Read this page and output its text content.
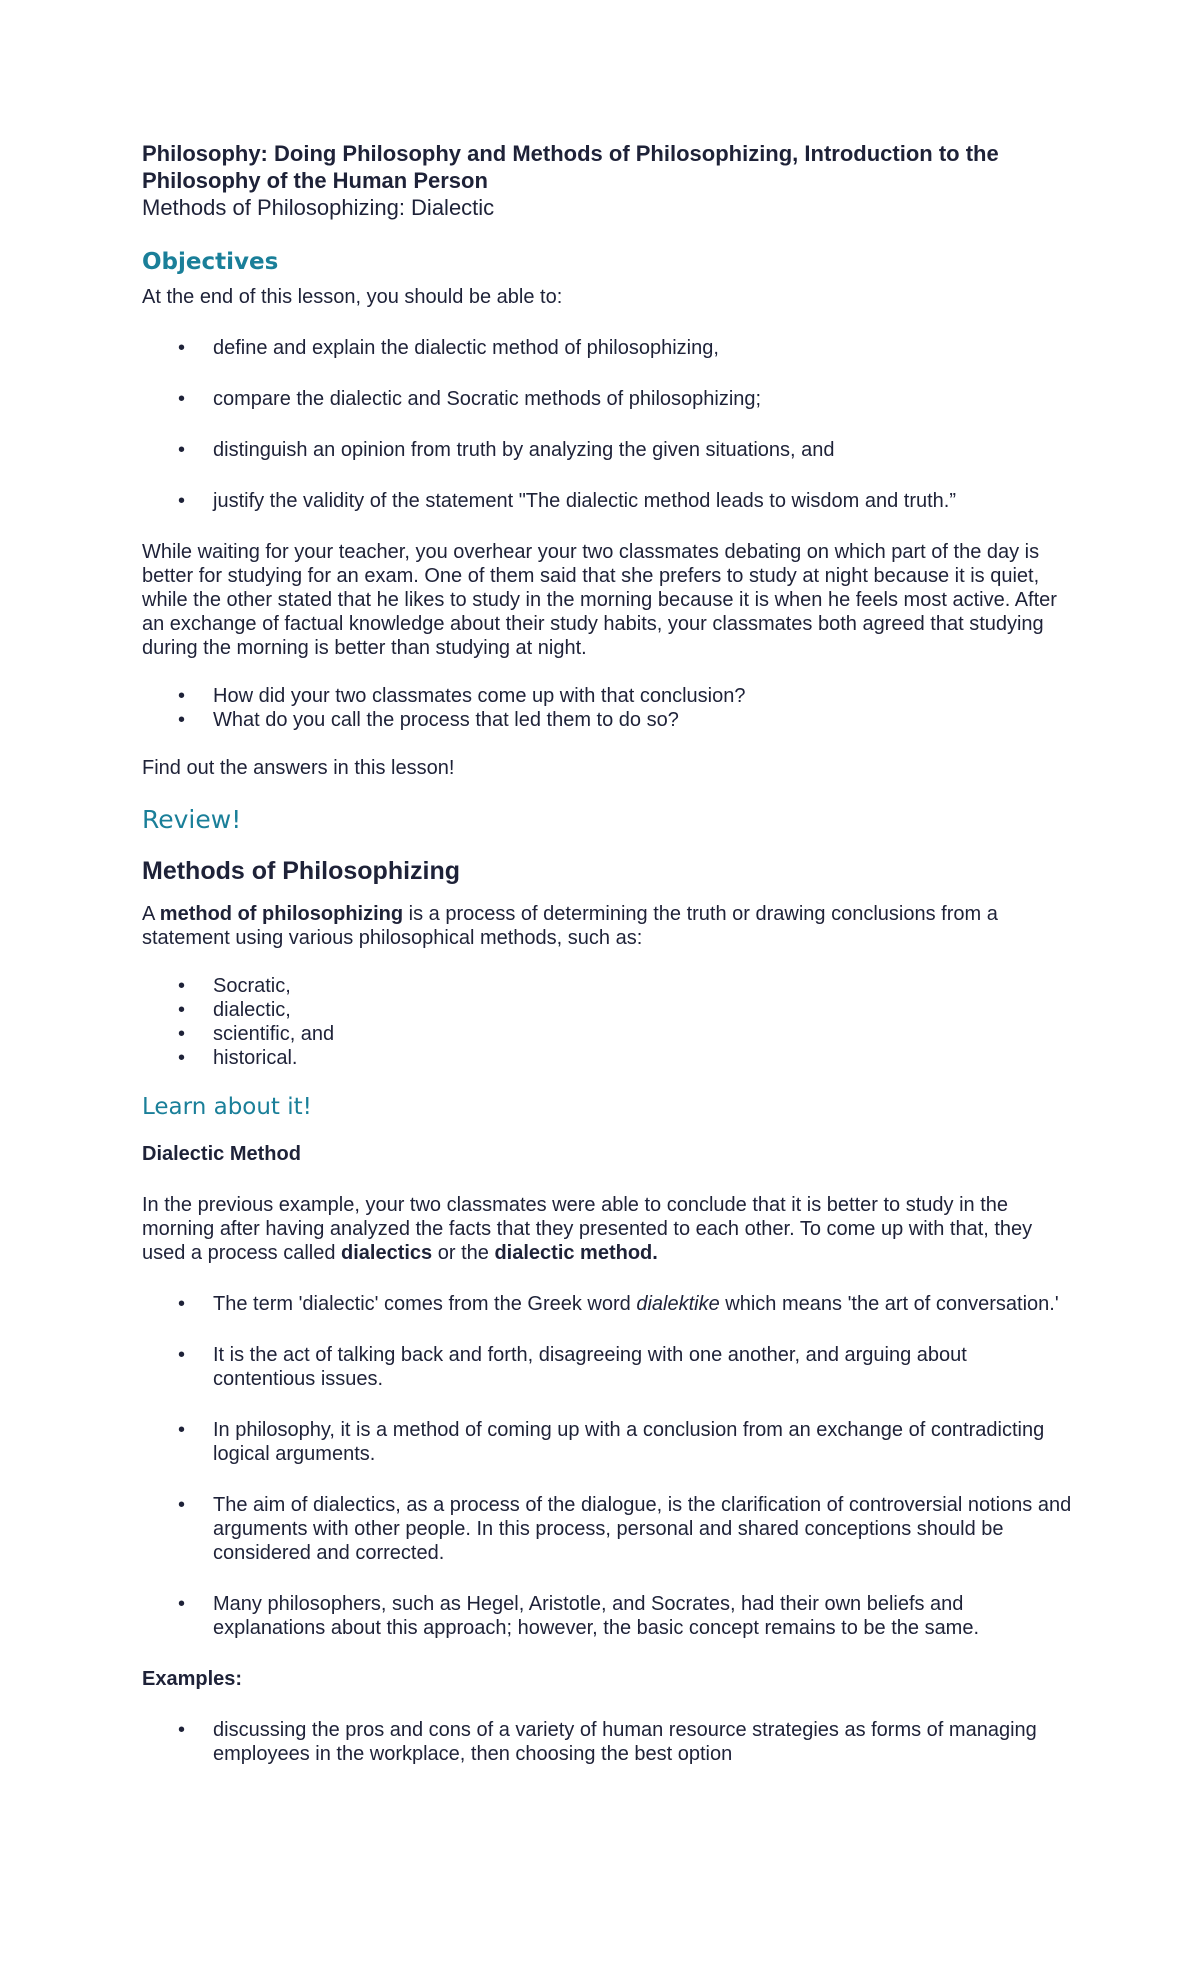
Philosophy: Doing Philosophy and Methods of Philosophizing, Introduction to the
Philosophy of the Human Person

Methods of Philosophizing: Dialectic

Objectives

At the end of this lesson, you should be able to:

• define and explain the dialectic method of philosophizing,
• compare the dialectic and Socratic methods of philosophizing;
• distinguish an opinion from truth by analyzing the given situations, and
• justify the validity of the statement "The dialectic method leads to wisdom and truth.”

While waiting for your teacher, you overhear your two classmates debating on which part of the day is better for studying for an exam. One of them said that she prefers to study at night because it is quiet, while the other stated that he likes to study in the morning because it is when he feels most active. After an exchange of factual knowledge about their study habits, your classmates both agreed that studying during the morning is better than studying at night.

• How did your two classmates come up with that conclusion?
• What do you call the process that led them to do so?

Find out the answers in this lesson!

Review!
Methods of Philosophizing

A method of philosophizing is a process of determining the truth or drawing conclusions from a statement using various philosophical methods, such as:

• Socratic,
• dialectic,
• scientific, and
• historical.
Learn about it!

Dialectic Method

In the previous example, your two classmates were able to conclude that it is better to study in the morning after having analyzed the facts that they presented to each other. To come up with that, they used a process called dialectics or the dialectic method.

• The term 'dialectic' comes from the Greek word dialektike which means 'the art of conversation.'
• It is the act of talking back and forth, disagreeing with one another, and arguing about contentious issues.
• In philosophy, it is a method of coming up with a conclusion from an exchange of contradicting logical arguments.
• The aim of dialectics, as a process of the dialogue, is the clarification of controversial notions and arguments with other people. In this process, personal and shared conceptions should be considered and corrected.
• Many philosophers, such as Hegel, Aristotle, and Socrates, had their own beliefs and explanations about this approach; however, the basic concept remains to be the same.

Examples:

• discussing the pros and cons of a variety of human resource strategies as forms of managing employees in the workplace, then choosing the best option
